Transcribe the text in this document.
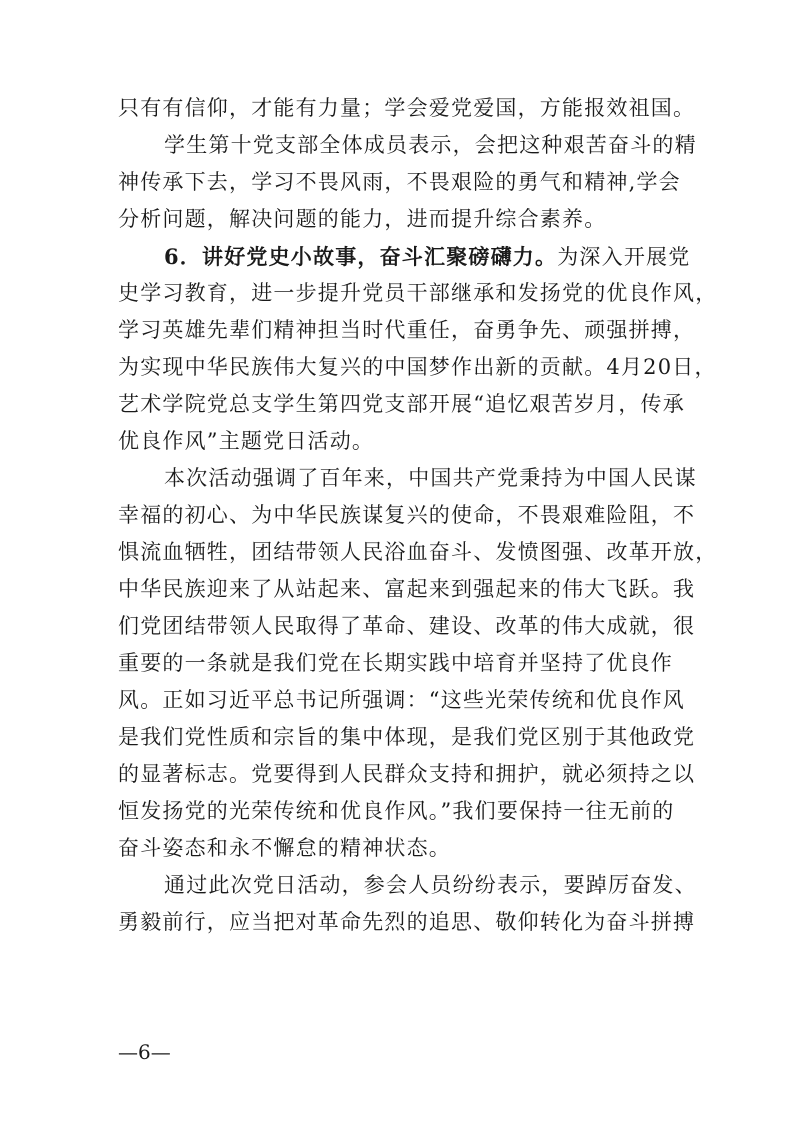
只有有信仰，才能有力量；学会爱党爱国，方能报效祖国。
学生第十党支部全体成员表示，会把这种艰苦奋斗的精
神传承下去，学习不畏风雨，不畏艰险的勇气和精神,学会
分析问题，解决问题的能力，进而提升综合素养。
6．讲好党史小故事，奋斗汇聚磅礴力。为深入开展党
史学习教育，进一步提升党员干部继承和发扬党的优良作风，
学习英雄先辈们精神担当时代重任，奋勇争先、顽强拼搏，
为实现中华民族伟大复兴的中国梦作出新的贡献。4月20日，
艺术学院党总支学生第四党支部开展“追忆艰苦岁月，传承
优良作风”主题党日活动。
本次活动强调了百年来，中国共产党秉持为中国人民谋
幸福的初心、为中华民族谋复兴的使命，不畏艰难险阻，不
惧流血牺牲，团结带领人民浴血奋斗、发愤图强、改革开放，
中华民族迎来了从站起来、富起来到强起来的伟大飞跃。我
们党团结带领人民取得了革命、建设、改革的伟大成就，很
重要的一条就是我们党在长期实践中培育并坚持了优良作
风。正如习近平总书记所强调：“这些光荣传统和优良作风
是我们党性质和宗旨的集中体现，是我们党区别于其他政党
的显著标志。党要得到人民群众支持和拥护，就必须持之以
恒发扬党的光荣传统和优良作风。”我们要保持一往无前的
奋斗姿态和永不懈怠的精神状态。
通过此次党日活动，参会人员纷纷表示，要踔厉奋发、
勇毅前行，应当把对革命先烈的追思、敬仰转化为奋斗拼搏
—6—
